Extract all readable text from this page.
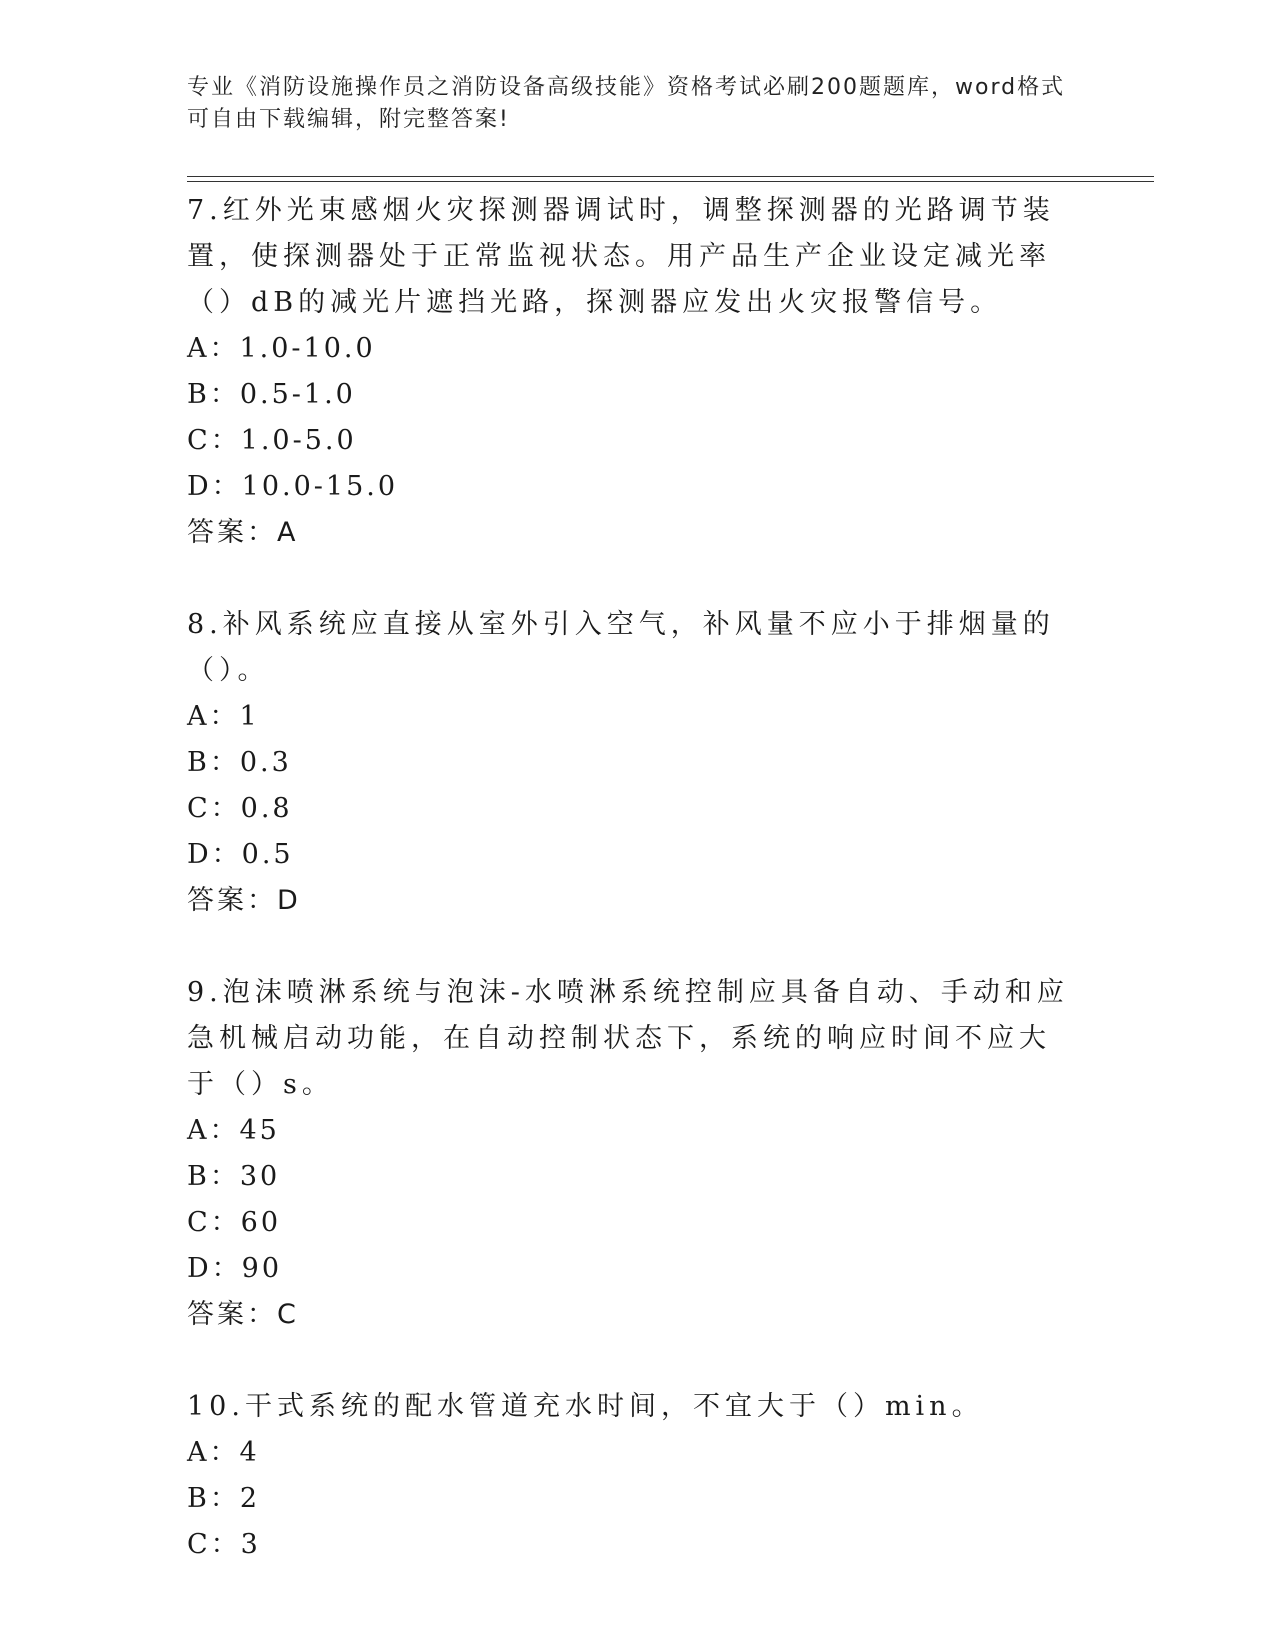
专业《消防设施操作员之消防设备高级技能》资格考试必刷200题题库，word格式可自由下载编辑，附完整答案!

7.红外光束感烟火灾探测器调试时，调整探测器的光路调节装置，使探测器处于正常监视状态。用产品生产企业设定减光率（）dB的减光片遮挡光路，探测器应发出火灾报警信号。

A：1.0-10.0

B：0.5-1.0

C：1.0-5.0

D：10.0-15.0

答案：A

8.补风系统应直接从室外引入空气，补风量不应小于排烟量的（）。

A：1

B：0.3

C：0.8

D：0.5

答案：D

9.泡沫喷淋系统与泡沫-水喷淋系统控制应具备自动、手动和应急机械启动功能，在自动控制状态下，系统的响应时间不应大于（）s。

A：45

B：30

C：60

D：90

答案：C

10.干式系统的配水管道充水时间，不宜大于（）min。

A：4

B：2

C：3
